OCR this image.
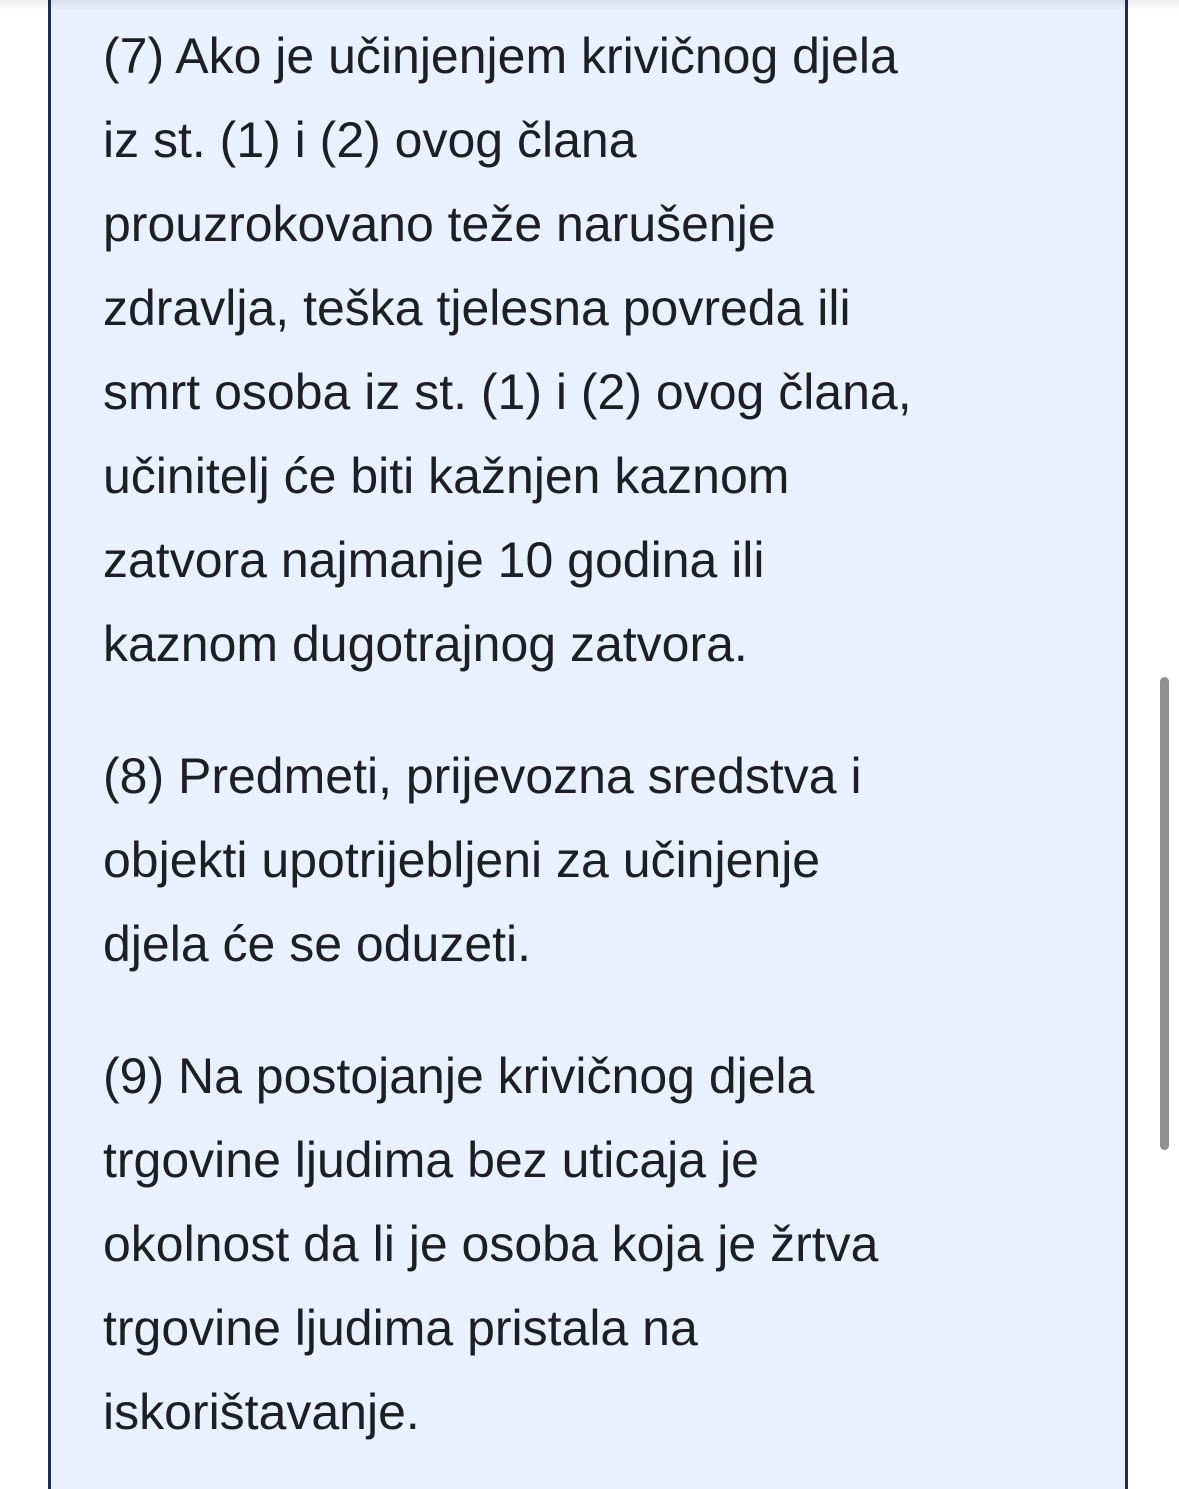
(7) Ako je učinjenjem krivičnog djela
iz st. (1) i (2) ovog člana
prouzrokovano teže narušenje
zdravlja, teška tjelesna povreda ili
smrt osoba iz st. (1) i (2) ovog člana,
učinitelj će biti kažnjen kaznom
zatvora najmanje 10 godina ili
kaznom dugotrajnog zatvora.

(8) Predmeti, prijevozna sredstva i
objekti upotrijebljeni za učinjenje
djela će se oduzeti.

(9) Na postojanje krivičnog djela
trgovine ljudima bez uticaja je
okolnost da li je osoba koja je žrtva
trgovine ljudima pristala na
iskorištavanje.
